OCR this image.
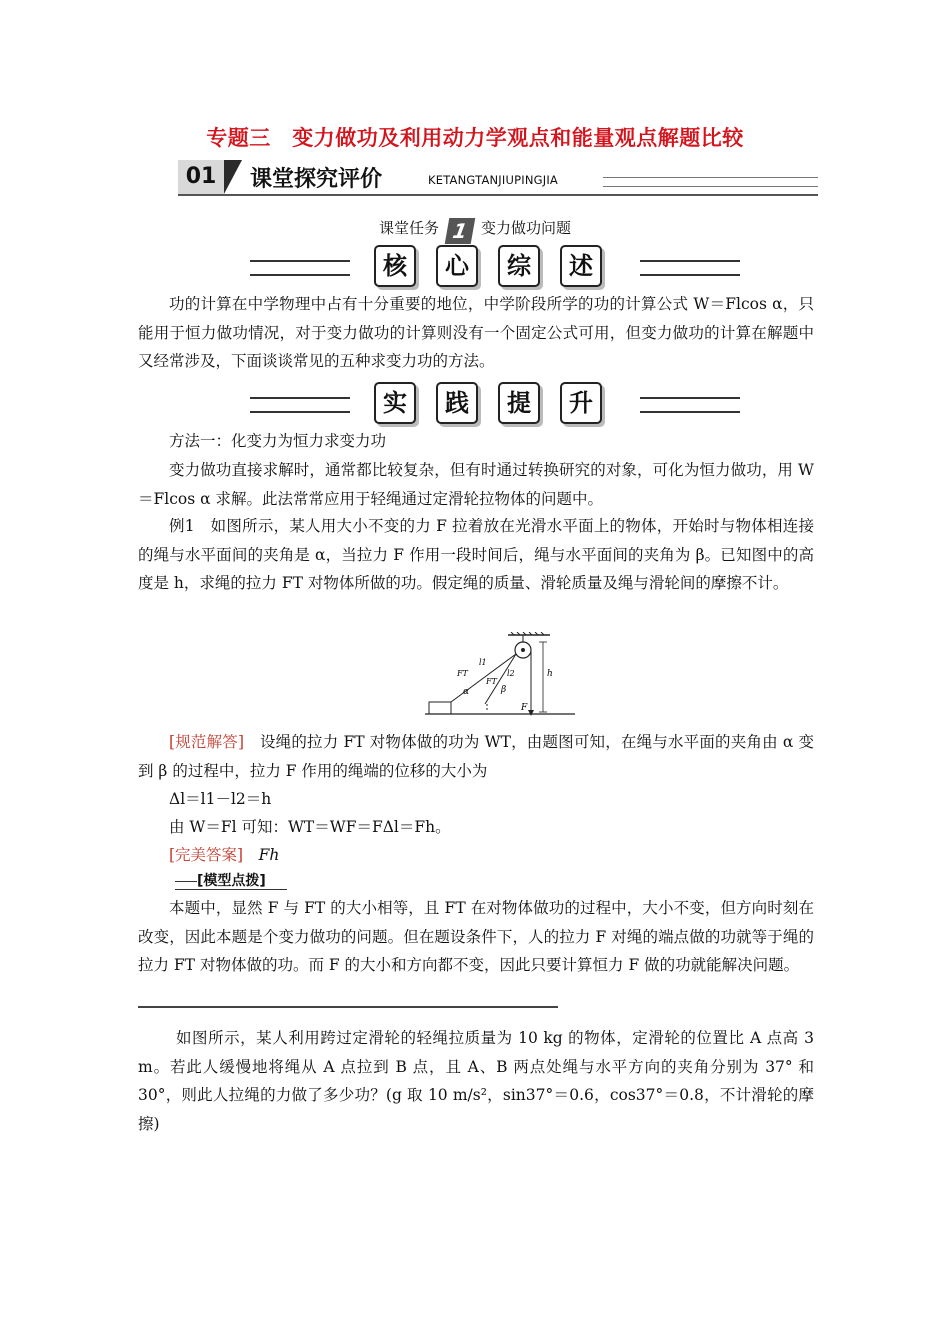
专题三　变力做功及利用动力学观点和能量观点解题比较
01	课堂探究评价	KETANGTANJIUPINGJIA
课堂任务 1 变力做功问题
核	心	综	述

功的计算在中学物理中占有十分重要的地位，中学阶段所学的功的计算公式 W＝Flcos α，只能用于恒力做功情况，对于变力做功的计算则没有一个固定公式可用，但变力做功的计算在解题中又经常涉及，下面谈谈常见的五种求变力功的方法。

实	践	提	升

方法一：化变力为恒力求变力功

变力做功直接求解时，通常都比较复杂，但有时通过转换研究的对象，可化为恒力做功，用 W＝Flcos α 求解。此法常常应用于轻绳通过定滑轮拉物体的问题中。

例1　如图所示，某人用大小不变的力 F 拉着放在光滑水平面上的物体，开始时与物体相连接的绳与水平面间的夹角是 α，当拉力 F 作用一段时间后，绳与水平面间的夹角为 β。已知图中的高度是 h，求绳的拉力 FT 对物体所做的功。假定绳的质量、滑轮质量及绳与滑轮间的摩擦不计。

l1
l2
FT
FT
α	β
h
F

[规范解答]　 设绳的拉力 FT 对物体做的功为 WT，由题图可知，在绳与水平面的夹角由 α 变到 β 的过程中，拉力 F 作用的绳端的位移的大小为

Δl＝l1－l2＝h

由 W＝Fl 可知：WT＝WF＝FΔl＝Fh。

[完美答案]　 Fh

[模型点拨]

本题中，显然 F 与 FT 的大小相等，且 FT 在对物体做功的过程中，大小不变，但方向时刻在改变，因此本题是个变力做功的问题。但在题设条件下，人的拉力 F 对绳的端点做的功就等于绳的拉力 FT 对物体做的功。而 F 的大小和方向都不变，因此只要计算恒力 F 做的功就能解决问题。

如图所示，某人利用跨过定滑轮的轻绳拉质量为 10 kg 的物体，定滑轮的位置比 A 点高 3 m。若此人缓慢地将绳从 A 点拉到 B 点，且 A、B 两点处绳与水平方向的夹角分别为 37° 和 30°，则此人拉绳的力做了多少功？(g 取 10 m/s²，sin37°＝0.6，cos37°＝0.8，不计滑轮的摩擦)
